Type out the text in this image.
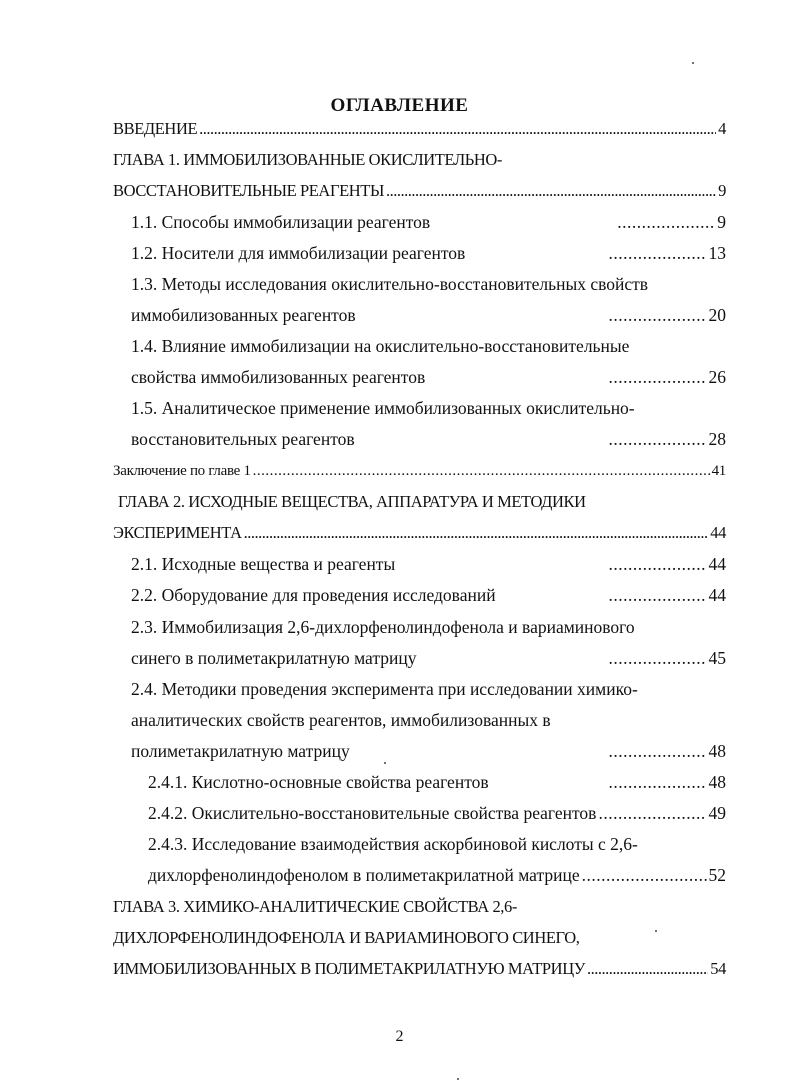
ОГЛАВЛЕНИЕ
ВВЕДЕНИЕ .....	4
ГЛАВА 1. ИММОБИЛИЗОВАННЫЕ ОКИСЛИТЕЛЬНО-
ВОССТАНОВИТЕЛЬНЫЕ РЕАГЕНТЫ .....	9
1.1. Способы иммобилизации реагентов .....	9
1.2. Носители для иммобилизации реагентов .....	13
1.3. Методы исследования окислительно-восстановительных свойств
иммобилизованных реагентов .....	20
1.4. Влияние иммобилизации на окислительно-восстановительные
свойства иммобилизованных реагентов .....	26
1.5. Аналитическое применение иммобилизованных окислительно-
восстановительных реагентов .....	28
Заключение по главе 1 .....	41
ГЛАВА 2. ИСХОДНЫЕ ВЕЩЕСТВА, АППАРАТУРА И МЕТОДИКИ
ЭКСПЕРИМЕНТА .....	44
2.1. Исходные вещества и реагенты .....	44
2.2. Оборудование для проведения исследований .....	44
2.3. Иммобилизация 2,6-дихлорфенолиндофенола и вариаминового
синего в полиметакрилатную матрицу .....	45
2.4. Методики проведения эксперимента при исследовании химико-
аналитических свойств реагентов, иммобилизованных в
полиметакрилатную матрицу .....	48
2.4.1. Кислотно-основные свойства реагентов .....	48
2.4.2. Окислительно-восстановительные свойства реагентов .....	49
2.4.3. Исследование взаимодействия аскорбиновой кислоты с 2,6-
дихлорфенолиндофенолом в полиметакрилатной матрице .....	52
ГЛАВА 3. ХИМИКО-АНАЛИТИЧЕСКИЕ СВОЙСТВА 2,6-
ДИХЛОРФЕНОЛИНДОФЕНОЛА И ВАРИАМИНОВОГО СИНЕГО,
ИММОБИЛИЗОВАННЫХ В ПОЛИМЕТАКРИЛАТНУЮ МАТРИЦУ .....	54
2
